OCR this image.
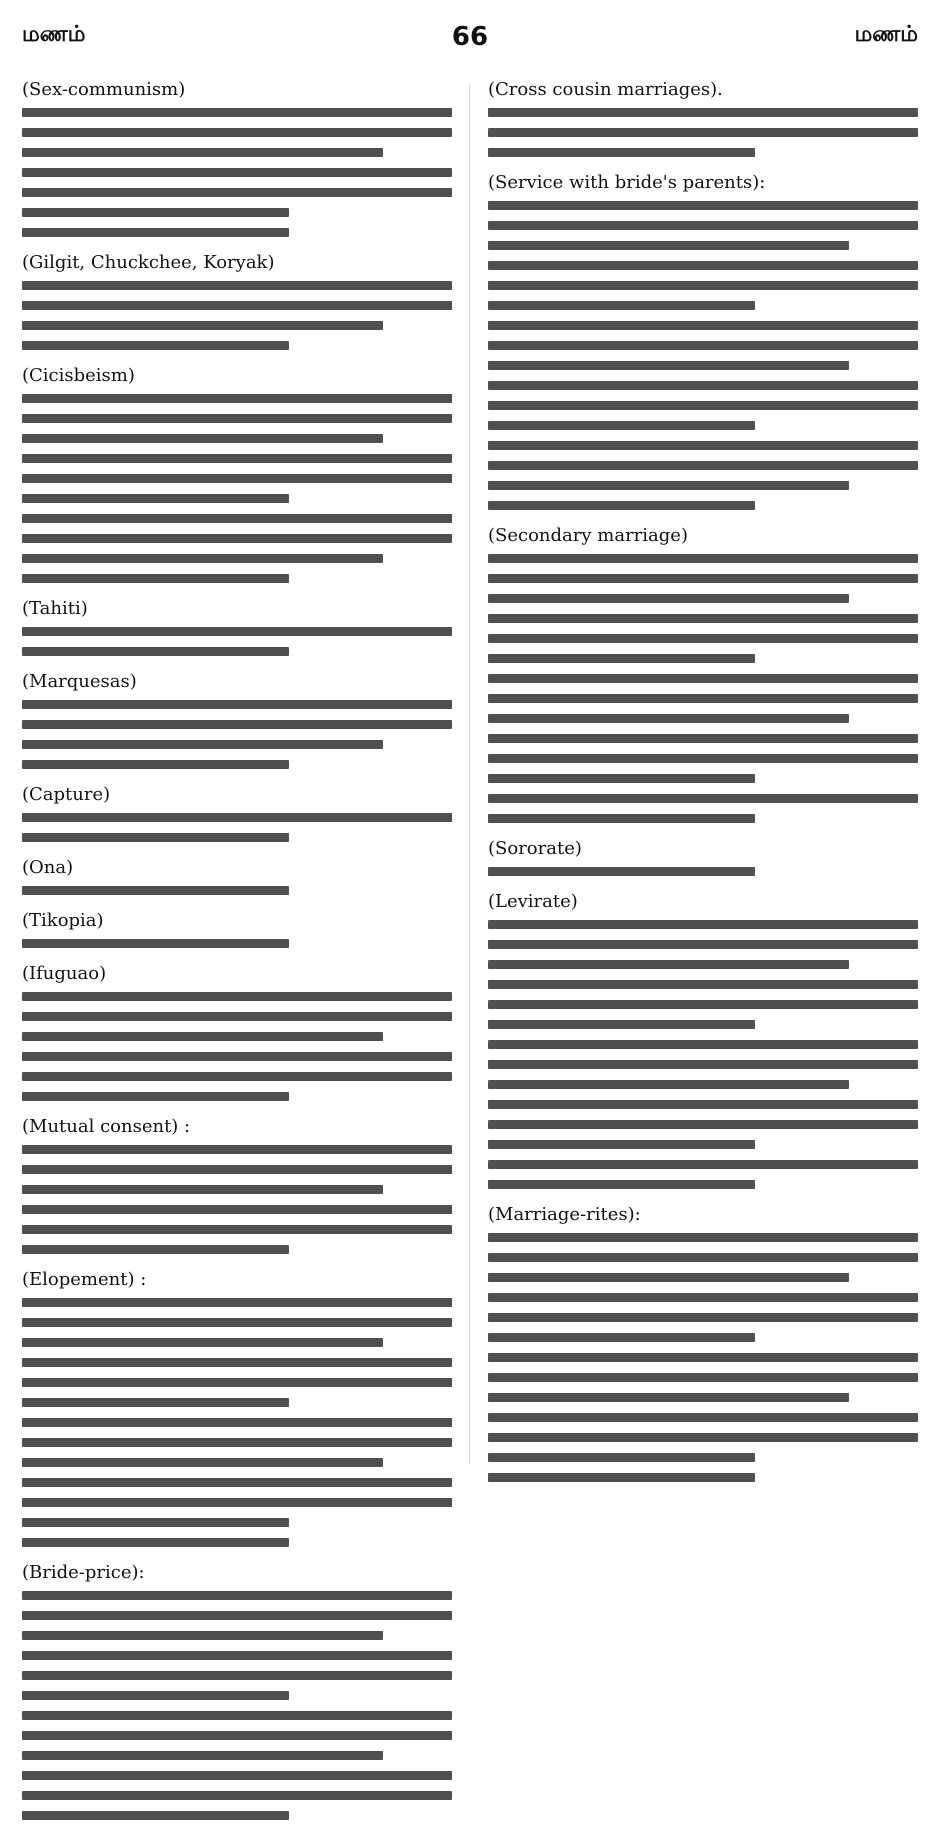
மணம்	66	மணம்
(Sex-communism)
(Gilgit, Chuckchee, Koryak)
(Cicisbeism)
(Tahiti)
(Marquesas)
(Capture)
(Ona)
(Tikopia)
(Ifuguao)
(Mutual consent) :
(Elopement) :
(Bride-price):
(Cross cousin marriages).
(Service with bride's parents):
(Secondary marriage)
(Sororate)
(Levirate)
(Marriage-rites):
